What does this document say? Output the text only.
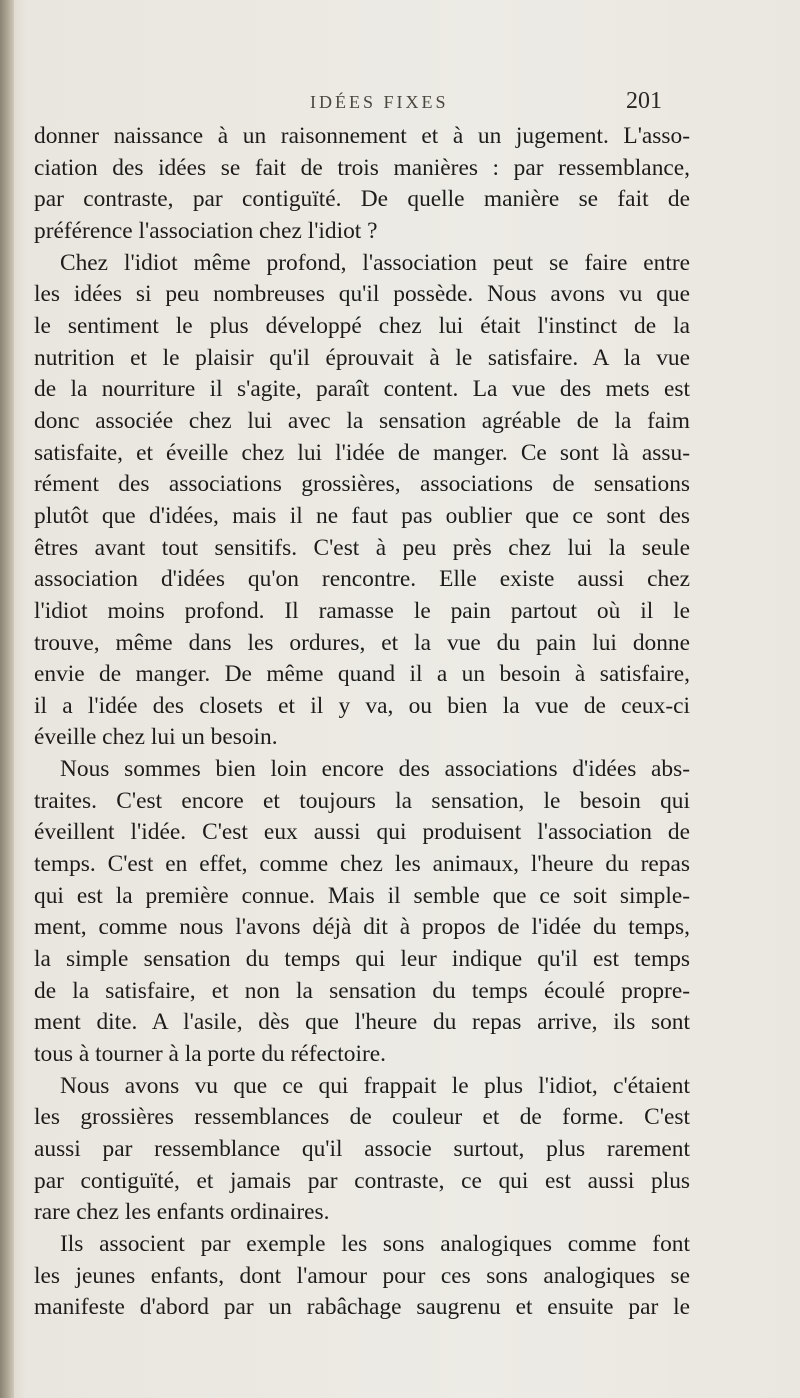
IDÉES FIXES	201
donner naissance à un raisonnement et à un jugement. L'asso-
ciation des idées se fait de trois manières : par ressemblance,
par contraste, par contiguïté. De quelle manière se fait de
préférence l'association chez l'idiot ?
Chez l'idiot même profond, l'association peut se faire entre
les idées si peu nombreuses qu'il possède. Nous avons vu que
le sentiment le plus développé chez lui était l'instinct de la
nutrition et le plaisir qu'il éprouvait à le satisfaire. A la vue
de la nourriture il s'agite, paraît content. La vue des mets est
donc associée chez lui avec la sensation agréable de la faim
satisfaite, et éveille chez lui l'idée de manger. Ce sont là assu-
rément des associations grossières, associations de sensations
plutôt que d'idées, mais il ne faut pas oublier que ce sont des
êtres avant tout sensitifs. C'est à peu près chez lui la seule
association d'idées qu'on rencontre. Elle existe aussi chez
l'idiot moins profond. Il ramasse le pain partout où il le
trouve, même dans les ordures, et la vue du pain lui donne
envie de manger. De même quand il a un besoin à satisfaire,
il a l'idée des closets et il y va, ou bien la vue de ceux-ci
éveille chez lui un besoin.
Nous sommes bien loin encore des associations d'idées abs-
traites. C'est encore et toujours la sensation, le besoin qui
éveillent l'idée. C'est eux aussi qui produisent l'association de
temps. C'est en effet, comme chez les animaux, l'heure du repas
qui est la première connue. Mais il semble que ce soit simple-
ment, comme nous l'avons déjà dit à propos de l'idée du temps,
la simple sensation du temps qui leur indique qu'il est temps
de la satisfaire, et non la sensation du temps écoulé propre-
ment dite. A l'asile, dès que l'heure du repas arrive, ils sont
tous à tourner à la porte du réfectoire.
Nous avons vu que ce qui frappait le plus l'idiot, c'étaient
les grossières ressemblances de couleur et de forme. C'est
aussi par ressemblance qu'il associe surtout, plus rarement
par contiguïté, et jamais par contraste, ce qui est aussi plus
rare chez les enfants ordinaires.
Ils associent par exemple les sons analogiques comme font
les jeunes enfants, dont l'amour pour ces sons analogiques se
manifeste d'abord par un rabâchage saugrenu et ensuite par le
